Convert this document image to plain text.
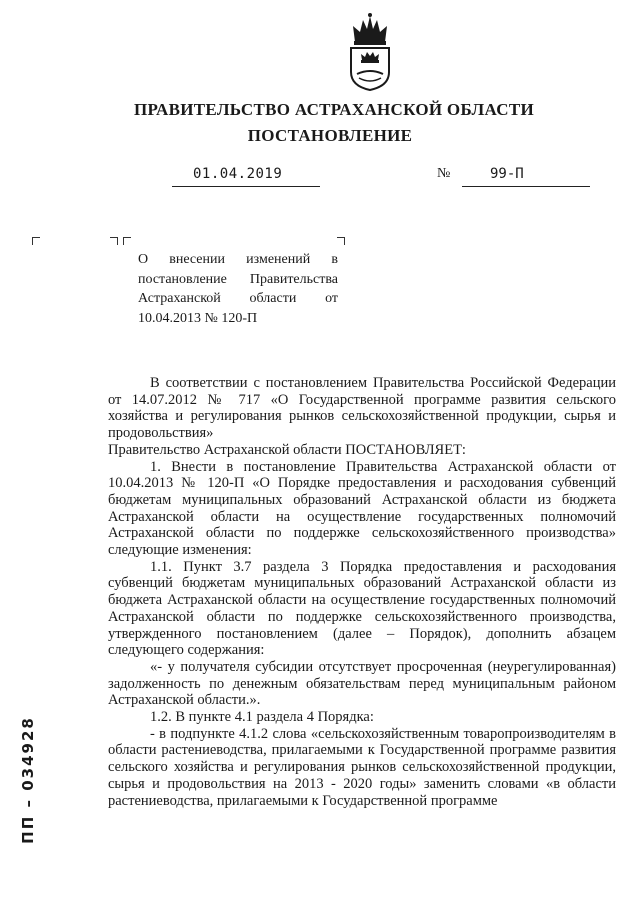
ПРАВИТЕЛЬСТВО АСТРАХАНСКОЙ ОБЛАСТИ
ПОСТАНОВЛЕНИЕ
01.04.2019	№	99-П
О внесении изменений в постановление Правительства Астраханской области от 10.04.2013 № 120-П

В соответствии с постановлением Правительства Российской Федерации от 14.07.2012 № 717 «О Государственной программе развития сельского хозяйства и регулирования рынков сельскохозяйственной продукции, сырья и продовольствия»

Правительство Астраханской области ПОСТАНОВЛЯЕТ:

1. Внести в постановление Правительства Астраханской области от 10.04.2013 № 120-П «О Порядке предоставления и расходования субвенций бюджетам муниципальных образований Астраханской области из бюджета Астраханской области на осуществление государственных полномочий Астраханской области по поддержке сельскохозяйственного производства» следующие изменения:

1.1. Пункт 3.7 раздела 3 Порядка предоставления и расходования субвенций бюджетам муниципальных образований Астраханской области из бюджета Астраханской области на осуществление государственных полномочий Астраханской области по поддержке сельскохозяйственного производства, утвержденного постановлением (далее – Порядок), дополнить абзацем следующего содержания:

«- у получателя субсидии отсутствует просроченная (неурегулированная) задолженность по денежным обязательствам перед муниципальным районом Астраханской области.».

1.2. В пункте 4.1 раздела 4 Порядка:

- в подпункте 4.1.2 слова «сельскохозяйственным товаропроизводителям в области растениеводства, прилагаемыми к Государственной программе развития сельского хозяйства и регулирования рынков сельскохозяйственной продукции, сырья и продовольствия на 2013 - 2020 годы» заменить словами «в области растениеводства, прилагаемыми к Государственной программе

ПП – 034928
